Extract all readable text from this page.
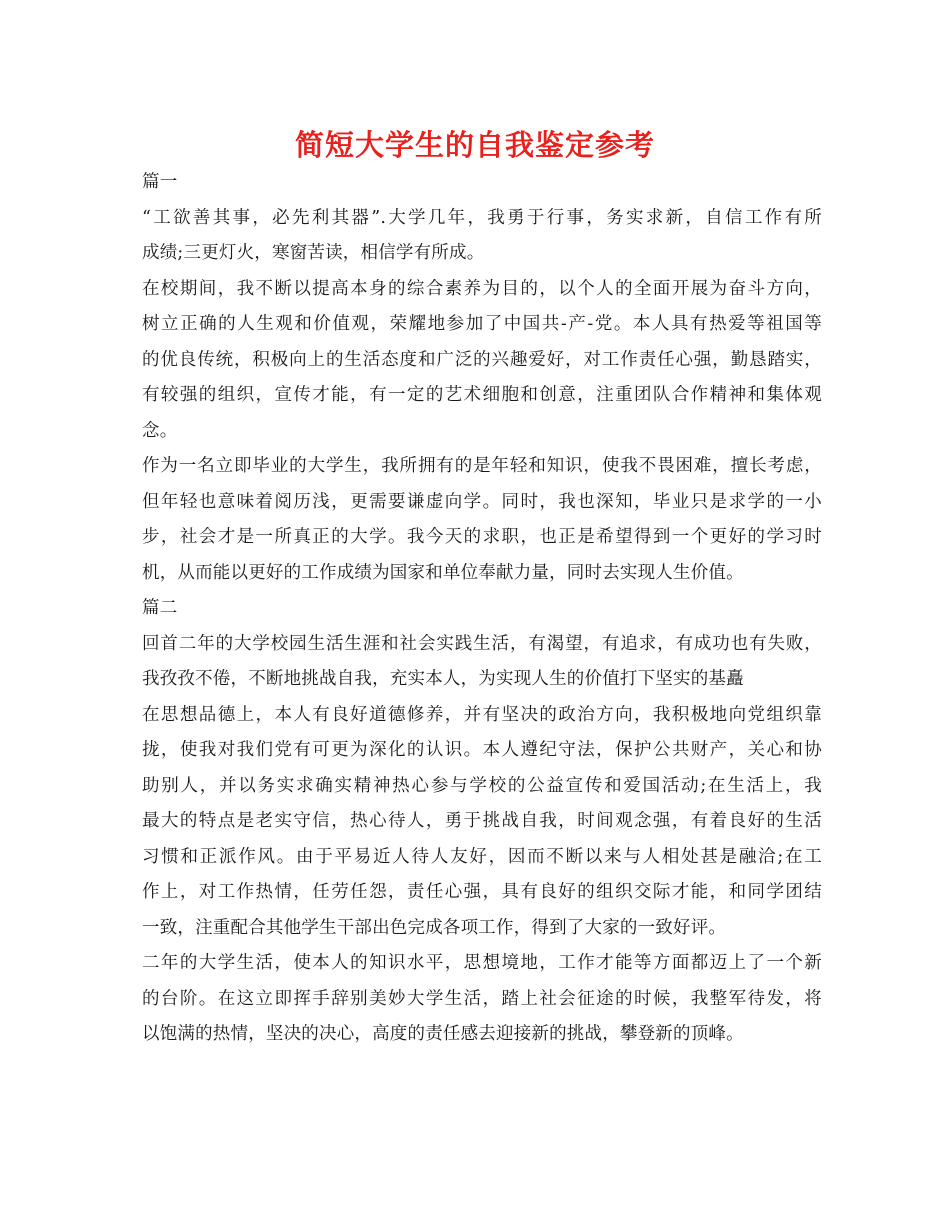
简短大学生的自我鉴定参考
篇一
“工欲善其事，必先利其器”.大学几年，我勇于行事，务实求新，自信工作有所
成绩;三更灯火，寒窗苦读，相信学有所成。
在校期间，我不断以提高本身的综合素养为目的，以个人的全面开展为奋斗方向，
树立正确的人生观和价值观，荣耀地参加了中国共-产-党。本人具有热爱等祖国等
的优良传统，积极向上的生活态度和广泛的兴趣爱好，对工作责任心强，勤恳踏实，
有较强的组织，宣传才能，有一定的艺术细胞和创意，注重团队合作精神和集体观
念。
作为一名立即毕业的大学生，我所拥有的是年轻和知识，使我不畏困难，擅长考虑，
但年轻也意味着阅历浅，更需要谦虚向学。同时，我也深知，毕业只是求学的一小
步，社会才是一所真正的大学。我今天的求职，也正是希望得到一个更好的学习时
机，从而能以更好的工作成绩为国家和单位奉献力量，同时去实现人生价值。
篇二
回首二年的大学校园生活生涯和社会实践生活，有渴望，有追求，有成功也有失败，
我孜孜不倦，不断地挑战自我，充实本人，为实现人生的价值打下坚实的基矗
在思想品德上，本人有良好道德修养，并有坚决的政治方向，我积极地向党组织靠
拢，使我对我们党有可更为深化的认识。本人遵纪守法，保护公共财产，关心和协
助别人，并以务实求确实精神热心参与学校的公益宣传和爱国活动;在生活上，我
最大的特点是老实守信，热心待人，勇于挑战自我，时间观念强，有着良好的生活
习惯和正派作风。由于平易近人待人友好，因而不断以来与人相处甚是融洽;在工
作上，对工作热情，任劳任怨，责任心强，具有良好的组织交际才能，和同学团结
一致，注重配合其他学生干部出色完成各项工作，得到了大家的一致好评。
二年的大学生活，使本人的知识水平，思想境地，工作才能等方面都迈上了一个新
的台阶。在这立即挥手辞别美妙大学生活，踏上社会征途的时候，我整军待发，将
以饱满的热情，坚决的决心，高度的责任感去迎接新的挑战，攀登新的顶峰。
